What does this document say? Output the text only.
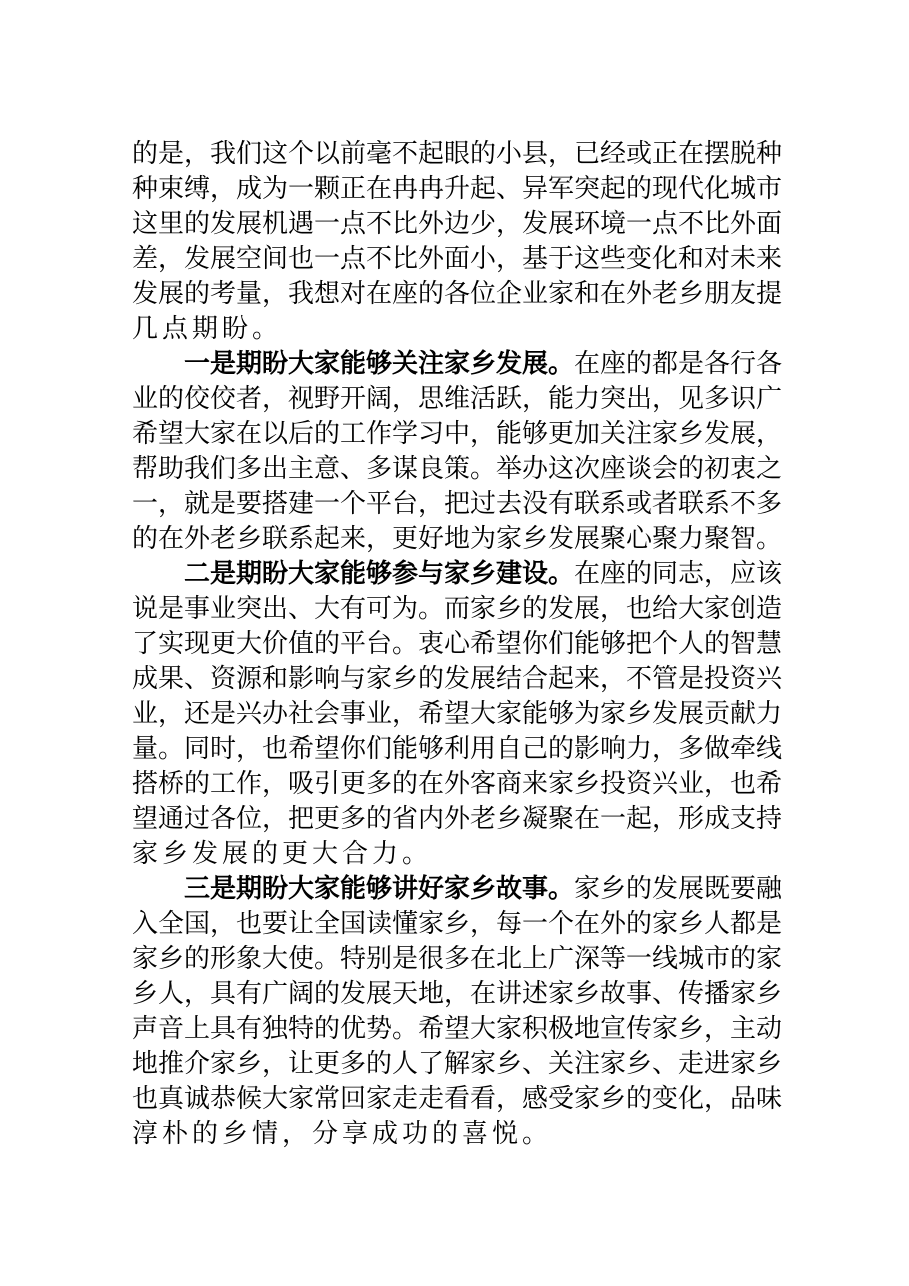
的是，我们这个以前毫不起眼的小县，已经或正在摆脱种
种束缚，成为一颗正在冉冉升起、异军突起的现代化城市
这里的发展机遇一点不比外边少，发展环境一点不比外面
差，发展空间也一点不比外面小，基于这些变化和对未来
发展的考量，我想对在座的各位企业家和在外老乡朋友提
几点期盼。
一是期盼大家能够关注家乡发展。在座的都是各行各
业的佼佼者，视野开阔，思维活跃，能力突出，见多识广
希望大家在以后的工作学习中，能够更加关注家乡发展，
帮助我们多出主意、多谋良策。举办这次座谈会的初衷之
一，就是要搭建一个平台，把过去没有联系或者联系不多
的在外老乡联系起来，更好地为家乡发展聚心聚力聚智。
二是期盼大家能够参与家乡建设。在座的同志，应该
说是事业突出、大有可为。而家乡的发展，也给大家创造
了实现更大价值的平台。衷心希望你们能够把个人的智慧
成果、资源和影响与家乡的发展结合起来，不管是投资兴
业，还是兴办社会事业，希望大家能够为家乡发展贡献力
量。同时，也希望你们能够利用自己的影响力，多做牵线
搭桥的工作，吸引更多的在外客商来家乡投资兴业，也希
望通过各位，把更多的省内外老乡凝聚在一起，形成支持
家乡发展的更大合力。
三是期盼大家能够讲好家乡故事。家乡的发展既要融
入全国，也要让全国读懂家乡，每一个在外的家乡人都是
家乡的形象大使。特别是很多在北上广深等一线城市的家
乡人，具有广阔的发展天地，在讲述家乡故事、传播家乡
声音上具有独特的优势。希望大家积极地宣传家乡，主动
地推介家乡，让更多的人了解家乡、关注家乡、走进家乡
也真诚恭候大家常回家走走看看，感受家乡的变化，品味
淳朴的乡情，分享成功的喜悦。
